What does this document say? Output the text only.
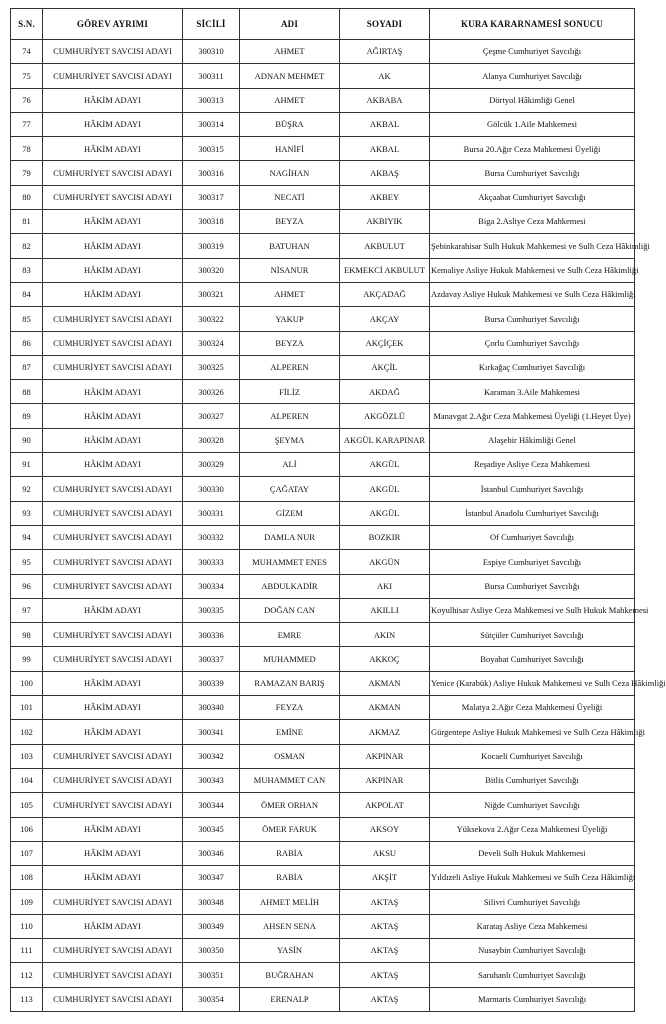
S.N.	GÖREV AYRIMI	SİCİLİ	ADI	SOYADI	KURA KARARNAMESİ SONUCU
74	CUMHURİYET SAVCISI ADAYI	300310	AHMET	AĞIRTAŞ	Çeşme Cumhuriyet Savcılığı
75	CUMHURİYET SAVCISI ADAYI	300311	ADNAN MEHMET	AK	Alanya Cumhuriyet Savcılığı
76	HÂKİM ADAYI	300313	AHMET	AKBABA	Dörtyol Hâkimliği Genel
77	HÂKİM ADAYI	300314	BÜŞRA	AKBAL	Gölcük 1.Aile Mahkemesi
78	HÂKİM ADAYI	300315	HANİFİ	AKBAL	Bursa 20.Ağır Ceza Mahkemesi Üyeliği
79	CUMHURİYET SAVCISI ADAYI	300316	NAGİHAN	AKBAŞ	Bursa Cumhuriyet Savcılığı
80	CUMHURİYET SAVCISI ADAYI	300317	NECATİ	AKBEY	Akçaabat Cumhuriyet Savcılığı
81	HÂKİM ADAYI	300318	BEYZA	AKBIYIK	Biga 2.Asliye Ceza Mahkemesi
82	HÂKİM ADAYI	300319	BATUHAN	AKBULUT	Şebinkarahisar Sulh Hukuk Mahkemesi ve Sulh Ceza Hâkimliği
83	HÂKİM ADAYI	300320	NİSANUR	EKMEKCİ AKBULUT	Kemaliye Asliye Hukuk Mahkemesi ve Sulh Ceza Hâkimliği
84	HÂKİM ADAYI	300321	AHMET	AKÇADAĞ	Azdavay Asliye Hukuk Mahkemesi ve Sulh Ceza Hâkimliği
85	CUMHURİYET SAVCISI ADAYI	300322	YAKUP	AKÇAY	Bursa Cumhuriyet Savcılığı
86	CUMHURİYET SAVCISI ADAYI	300324	BEYZA	AKÇİÇEK	Çorlu Cumhuriyet Savcılığı
87	CUMHURİYET SAVCISI ADAYI	300325	ALPEREN	AKÇİL	Kırkağaç Cumhuriyet Savcılığı
88	HÂKİM ADAYI	300326	FİLİZ	AKDAĞ	Karaman 3.Aile Mahkemesi
89	HÂKİM ADAYI	300327	ALPEREN	AKGÖZLÜ	Manavgat 2.Ağır Ceza Mahkemesi Üyeliği (1.Heyet Üye)
90	HÂKİM ADAYI	300328	ŞEYMA	AKGÜL KARAPINAR	Alaşehir Hâkimliği Genel
91	HÂKİM ADAYI	300329	ALİ	AKGÜL	Reşadiye Asliye Ceza Mahkemesi
92	CUMHURİYET SAVCISI ADAYI	300330	ÇAĞATAY	AKGÜL	İstanbul Cumhuriyet Savcılığı
93	CUMHURİYET SAVCISI ADAYI	300331	GİZEM	AKGÜL	İstanbul Anadolu Cumhuriyet Savcılığı
94	CUMHURİYET SAVCISI ADAYI	300332	DAMLA NUR	BOZKIR	Of Cumhuriyet Savcılığı
95	CUMHURİYET SAVCISI ADAYI	300333	MUHAMMET ENES	AKGÜN	Espiye Cumhuriyet Savcılığı
96	CUMHURİYET SAVCISI ADAYI	300334	ABDULKADİR	AKI	Bursa Cumhuriyet Savcılığı
97	HÂKİM ADAYI	300335	DOĞAN CAN	AKILLI	Koyulhisar Asliye Ceza Mahkemesi ve Sulh Hukuk Mahkemesi
98	CUMHURİYET SAVCISI ADAYI	300336	EMRE	AKIN	Sütçüler Cumhuriyet Savcılığı
99	CUMHURİYET SAVCISI ADAYI	300337	MUHAMMED	AKKOÇ	Boyabat Cumhuriyet Savcılığı
100	HÂKİM ADAYI	300339	RAMAZAN BARIŞ	AKMAN	Yenice (Karabük) Asliye Hukuk Mahkemesi ve Sulh Ceza Hâkimliği
101	HÂKİM ADAYI	300340	FEYZA	AKMAN	Malatya 2.Ağır Ceza Mahkemesi Üyeliği
102	HÂKİM ADAYI	300341	EMİNE	AKMAZ	Gürgentepe Asliye Hukuk Mahkemesi ve Sulh Ceza Hâkimliği
103	CUMHURİYET SAVCISI ADAYI	300342	OSMAN	AKPINAR	Kocaeli Cumhuriyet Savcılığı
104	CUMHURİYET SAVCISI ADAYI	300343	MUHAMMET CAN	AKPINAR	Bitlis Cumhuriyet Savcılığı
105	CUMHURİYET SAVCISI ADAYI	300344	ÖMER ORHAN	AKPOLAT	Niğde Cumhuriyet Savcılığı
106	HÂKİM ADAYI	300345	ÖMER FARUK	AKSOY	Yüksekova 2.Ağır Ceza Mahkemesi Üyeliği
107	HÂKİM ADAYI	300346	RABİA	AKSU	Develi Sulh Hukuk Mahkemesi
108	HÂKİM ADAYI	300347	RABİA	AKŞİT	Yıldızeli Asliye Hukuk Mahkemesi ve Sulh Ceza Hâkimliği
109	CUMHURİYET SAVCISI ADAYI	300348	AHMET MELİH	AKTAŞ	Silivri Cumhuriyet Savcılığı
110	HÂKİM ADAYI	300349	AHSEN SENA	AKTAŞ	Karataş Asliye Ceza Mahkemesi
111	CUMHURİYET SAVCISI ADAYI	300350	YASİN	AKTAŞ	Nusaybin Cumhuriyet Savcılığı
112	CUMHURİYET SAVCISI ADAYI	300351	BUĞRAHAN	AKTAŞ	Saruhanlı Cumhuriyet Savcılığı
113	CUMHURİYET SAVCISI ADAYI	300354	ERENALP	AKTAŞ	Marmaris Cumhuriyet Savcılığı
